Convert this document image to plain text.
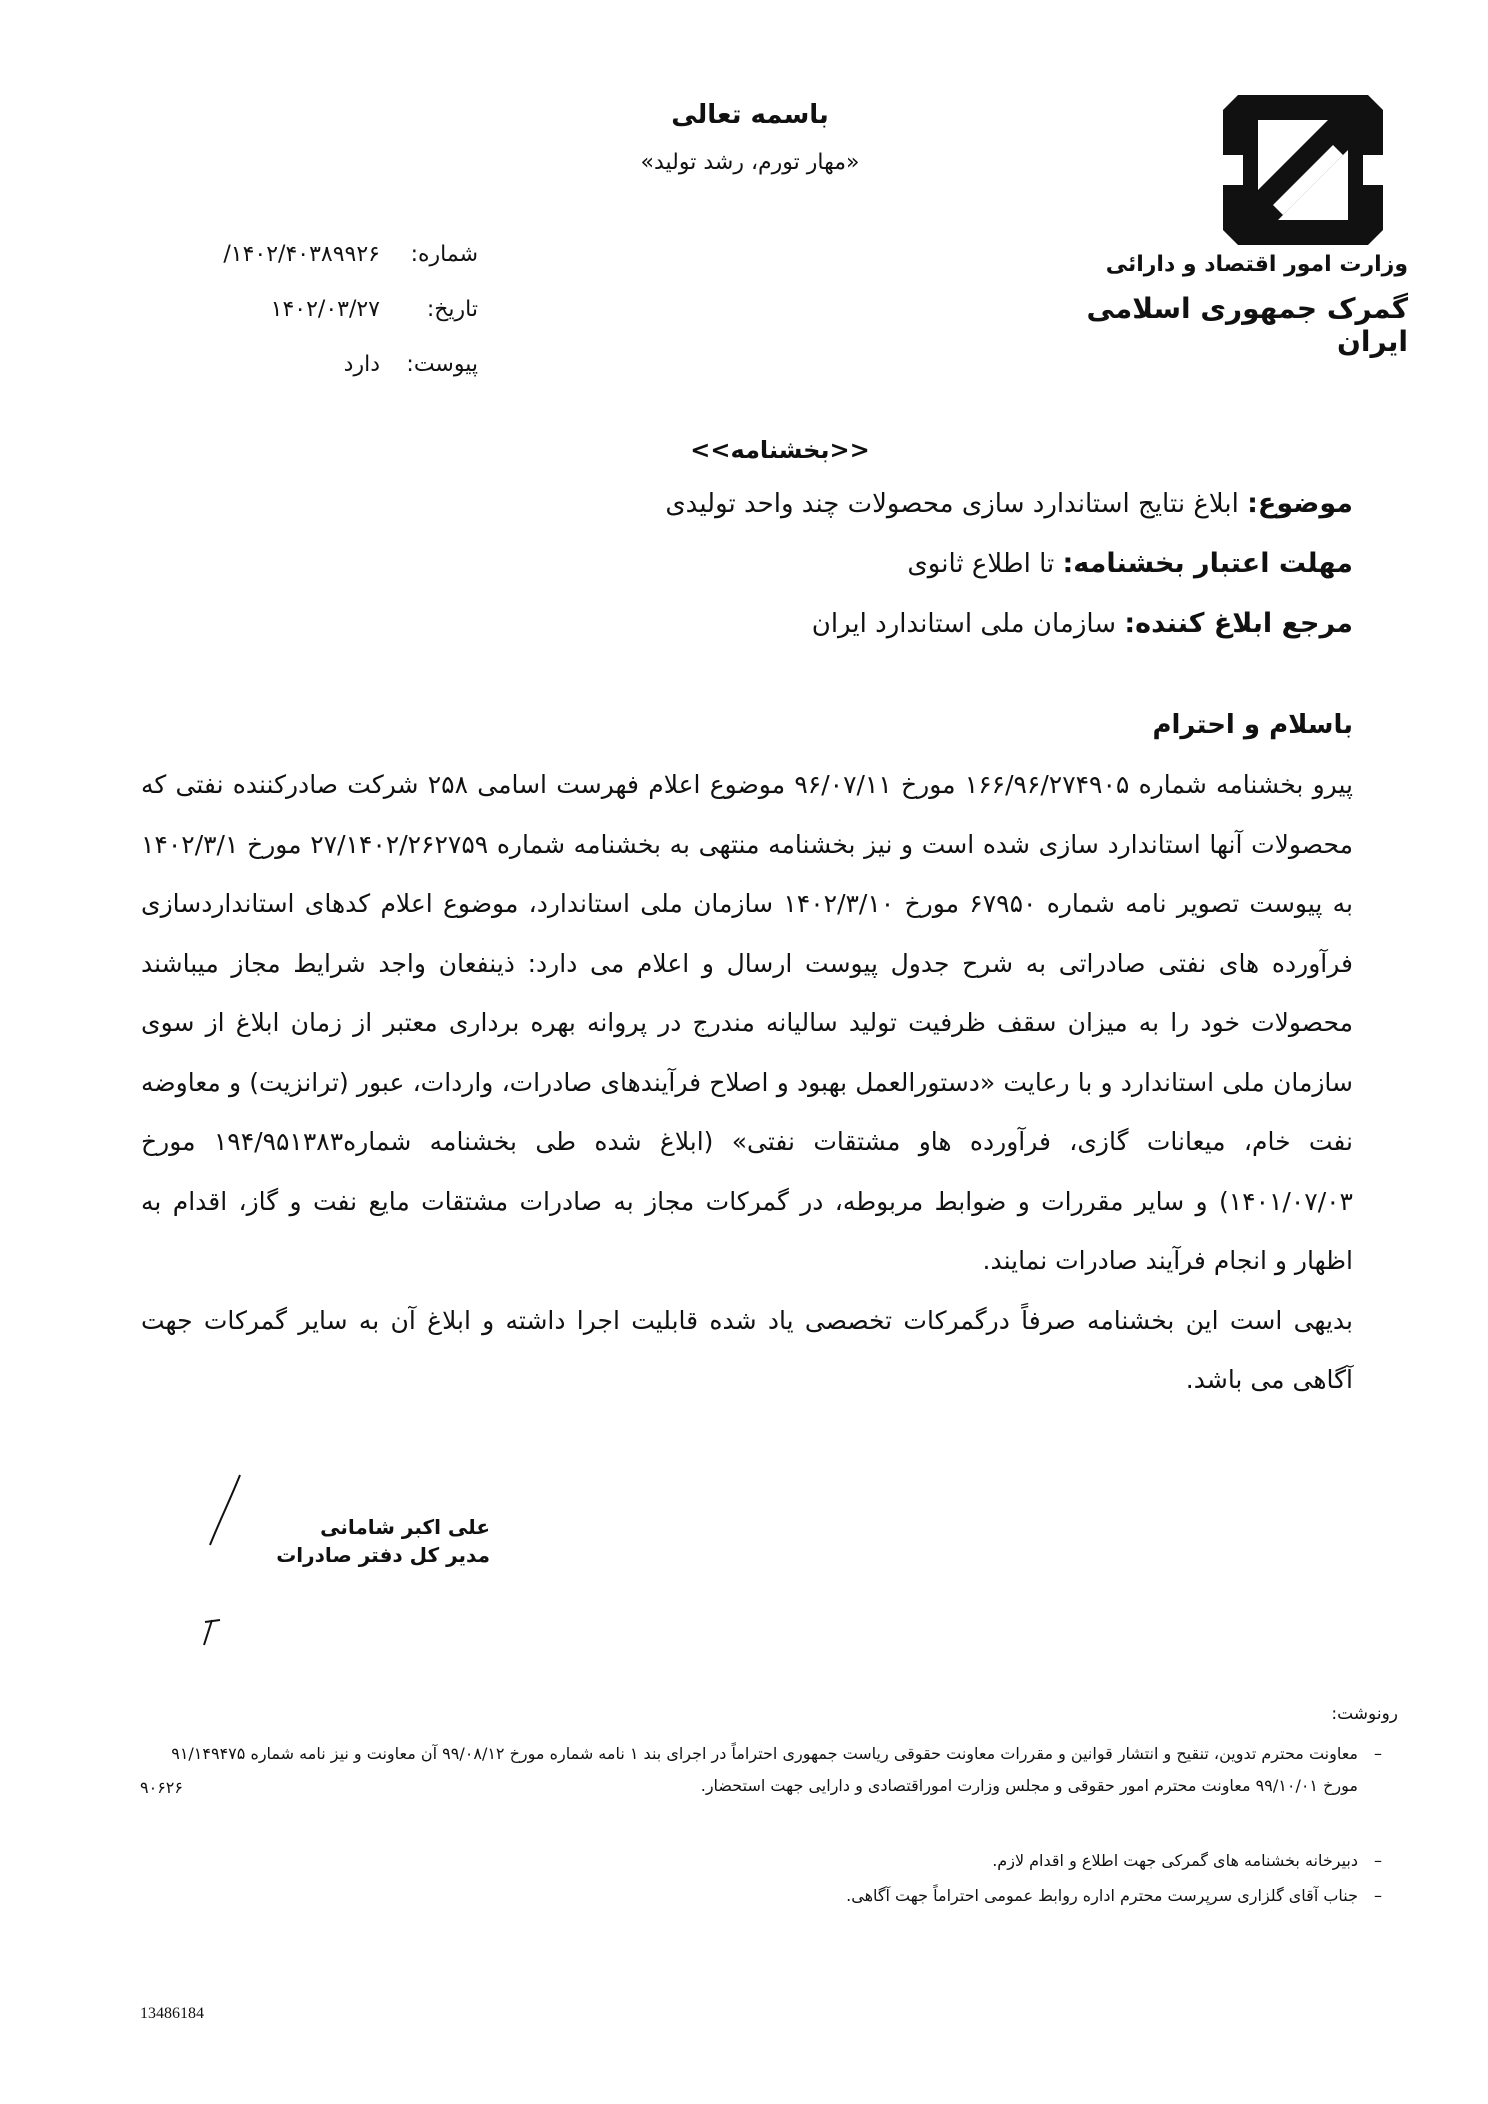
وزارت امور اقتصاد و دارائی
گمرک جمهوری اسلامی ایران
باسمه تعالی
«مهار تورم، رشد تولید»
شماره:
۱۴۰۲/۴۰۳۸۹۹۲۶/
تاریخ:
۱۴۰۲/۰۳/۲۷
پیوست:
دارد
<<بخشنامه>>
موضوع: ابلاغ نتایج استاندارد سازی محصولات چند واحد تولیدی
مهلت اعتبار بخشنامه: تا اطلاع ثانوی
مرجع ابلاغ کننده: سازمان ملی استاندارد ایران
باسلام و احترام

پیرو بخشنامه شماره ۱۶۶/۹۶/۲۷۴۹۰۵ مورخ ۹۶/۰۷/۱۱ موضوع اعلام فهرست اسامی ۲۵۸ شرکت صادرکننده نفتی که محصولات آنها استاندارد سازی شده است و نیز بخشنامه منتهی به بخشنامه شماره ۲۷/۱۴۰۲/۲۶۲۷۵۹ مورخ ۱۴۰۲/۳/۱ به پیوست تصویر نامه شماره ۶۷۹۵۰ مورخ ۱۴۰۲/۳/۱۰ سازمان ملی استاندارد، موضوع اعلام کدهای استانداردسازی فرآورده های نفتی صادراتی به شرح جدول پیوست ارسال و اعلام می دارد: ذینفعان واجد شرایط مجاز میباشند محصولات خود را به میزان سقف ظرفیت تولید سالیانه مندرج در پروانه بهره برداری معتبر از زمان ابلاغ از سوی سازمان ملی استاندارد و با رعایت «دستورالعمل بهبود و اصلاح فرآیندهای صادرات، واردات، عبور (ترانزیت) و معاوضه نفت خام، میعانات گازی، فرآورده هاو مشتقات نفتی» (ابلاغ شده طی بخشنامه شماره۱۹۴/۹۵۱۳۸۳ مورخ ۱۴۰۱/۰۷/۰۳) و سایر مقررات و ضوابط مربوطه، در گمرکات مجاز به صادرات مشتقات مایع نفت و گاز، اقدام به اظهار و انجام فرآیند صادرات نمایند.

بدیهی است این بخشنامه صرفاً درگمرکات تخصصی یاد شده قابلیت اجرا داشته و ابلاغ آن به سایر گمرکات جهت آگاهی می باشد.

علی اکبر شامانی
مدیر کل دفتر صادرات
رونوشت:
–معاونت محترم تدوین، تنقیح و انتشار قوانین و مقررات معاونت حقوقی ریاست جمهوری احتراماً در اجرای بند ۱ نامه شماره مورخ ۹۹/۰۸/۱۲ آن معاونت و نیز نامه شماره ۹۱/۱۴۹۴۷۵ مورخ ۹۹/۱۰/۰۱ معاونت محترم امور حقوقی و مجلس وزارت اموراقتصادی و دارایی جهت استحضار.
–دبیرخانه بخشنامه های گمرکی جهت اطلاع و اقدام لازم.
–جناب آقای گلزاری سرپرست محترم اداره روابط عمومی احتراماً جهت آگاهی.
۹۰۶۲۶
13486184
